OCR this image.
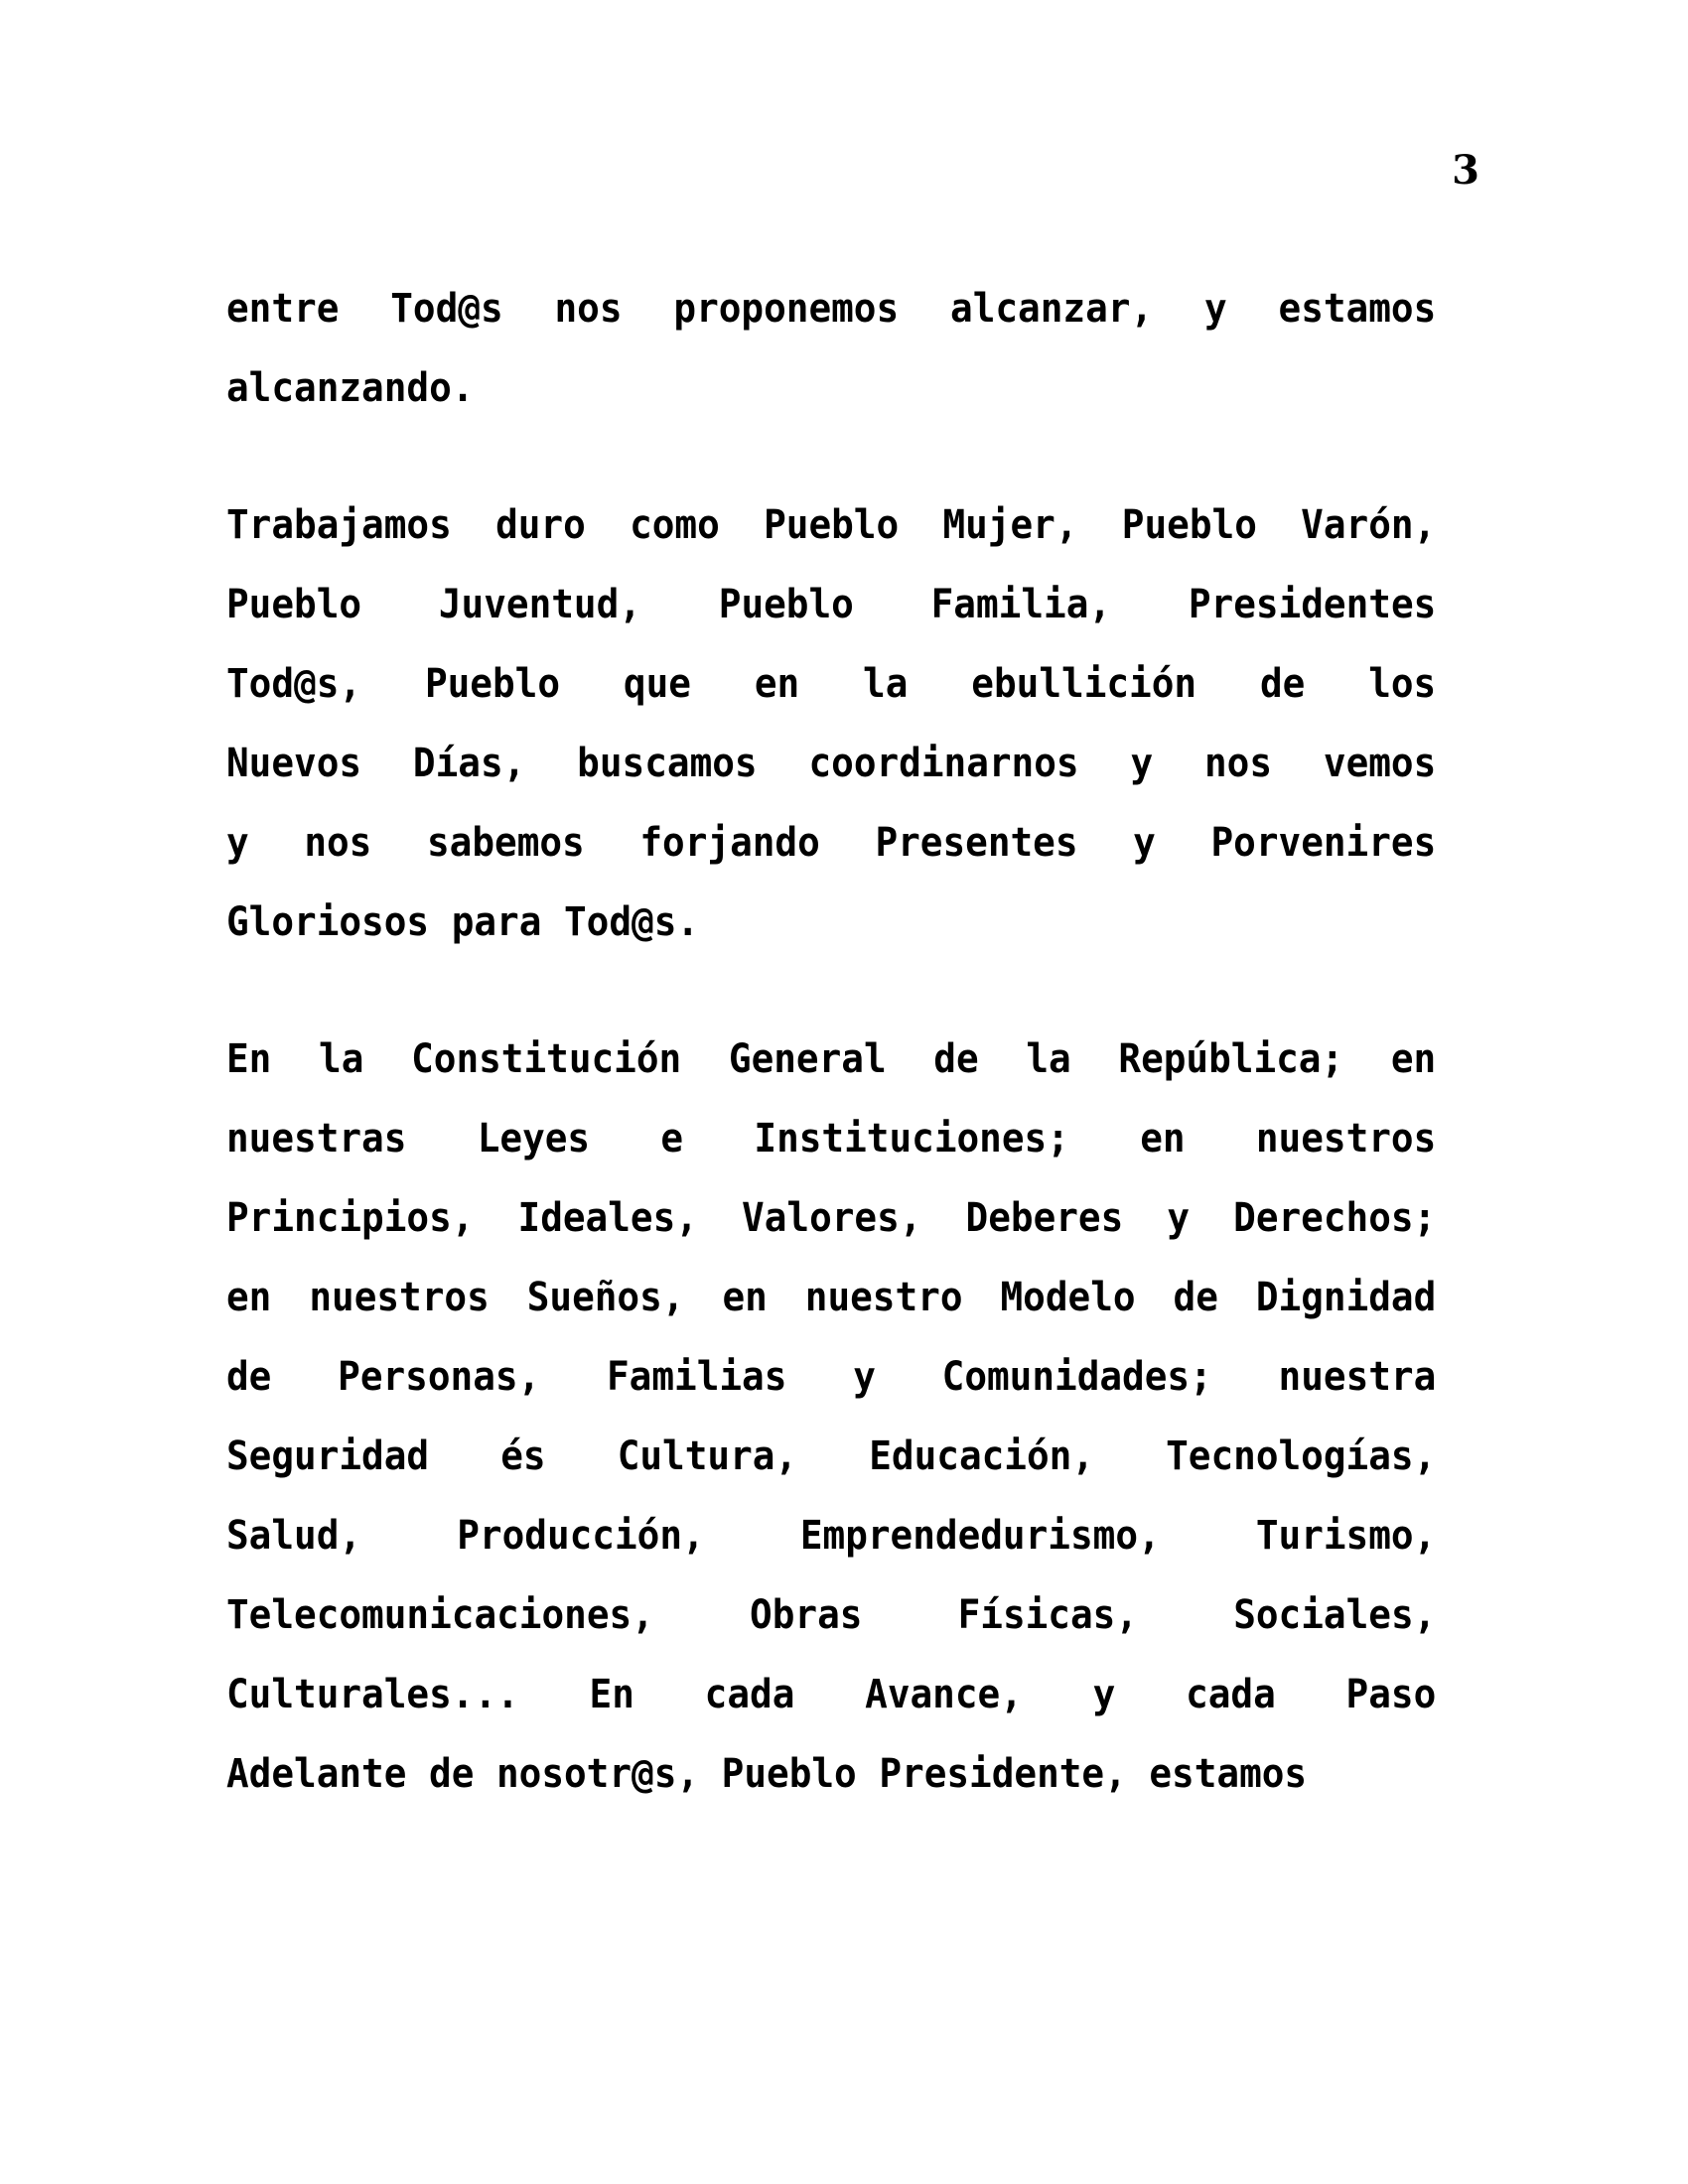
3
entre Tod@s nos proponemos alcanzar, y estamos
alcanzando.
Trabajamos duro como Pueblo Mujer, Pueblo Varón,
Pueblo Juventud, Pueblo Familia, Presidentes
Tod@s, Pueblo que en la ebullición de los
Nuevos Días, buscamos coordinarnos y nos vemos
y nos sabemos forjando Presentes y Porvenires
Gloriosos para Tod@s.
En la Constitución General de la República; en
nuestras Leyes e Instituciones; en nuestros
Principios, Ideales, Valores, Deberes y Derechos;
en nuestros Sueños, en nuestro Modelo de Dignidad
de Personas, Familias y Comunidades; nuestra
Seguridad és Cultura, Educación, Tecnologías,
Salud, Producción, Emprendedurismo, Turismo,
Telecomunicaciones, Obras Físicas, Sociales,
Culturales... En cada Avance, y cada Paso
Adelante de nosotr@s, Pueblo Presidente, estamos
